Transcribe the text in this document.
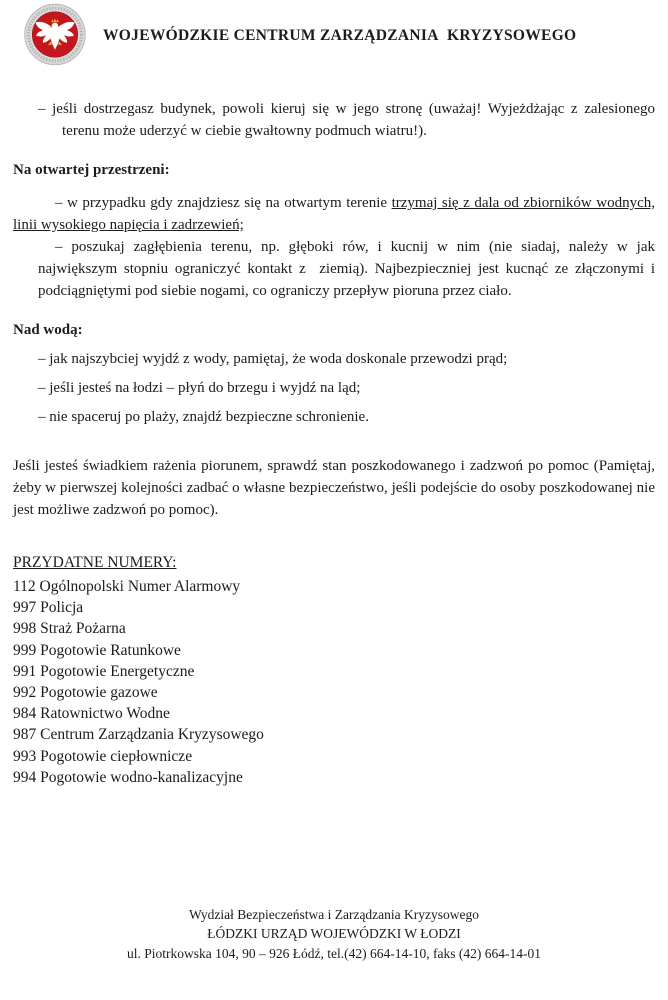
WOJEWÓDZKIE CENTRUM ZARZĄDZANIA  KRYZYSOWEGO
– jeśli dostrzegasz budynek, powoli kieruj się w jego stronę (uważaj! Wyjeżdżając z zalesionego terenu może uderzyć w ciebie gwałtowny podmuch wiatru!).
Na otwartej przestrzeni:
– w przypadku gdy znajdziesz się na otwartym terenie trzymaj się z dala od zbiorników wodnych, linii wysokiego napięcia i zadrzewień;
– poszukaj zagłębienia terenu, np. głęboki rów, i kucnij w nim (nie siadaj, należy w jak największym stopniu ograniczyć kontakt z  ziemią). Najbezpieczniej jest kucnąć ze złączonymi i podciągniętymi pod siebie nogami, co ograniczy przepływ pioruna przez ciało.
Nad wodą:
– jak najszybciej wyjdź z wody, pamiętaj, że woda doskonale przewodzi prąd;
– jeśli jesteś na łodzi – płyń do brzegu i wyjdź na ląd;
– nie spaceruj po plaży, znajdź bezpieczne schronienie.
Jeśli jesteś świadkiem rażenia piorunem, sprawdź stan poszkodowanego i zadzwoń po pomoc (Pamiętaj, żeby w pierwszej kolejności zadbać o własne bezpieczeństwo, jeśli podejście do osoby poszkodowanej nie jest możliwe zadzwoń po pomoc).
PRZYDATNE NUMERY:
112 Ogólnopolski Numer Alarmowy
997 Policja
998 Straż Pożarna
999 Pogotowie Ratunkowe
991 Pogotowie Energetyczne
992 Pogotowie gazowe
984 Ratownictwo Wodne
987 Centrum Zarządzania Kryzysowego
993 Pogotowie ciepłownicze
994 Pogotowie wodno-kanalizacyjne
Wydział Bezpieczeństwa i Zarządzania Kryzysowego
ŁÓDZKI URZĄD WOJEWÓDZKI W ŁODZI
ul. Piotrkowska 104, 90 – 926 Łódź, tel.(42) 664-14-10, faks (42) 664-14-01
